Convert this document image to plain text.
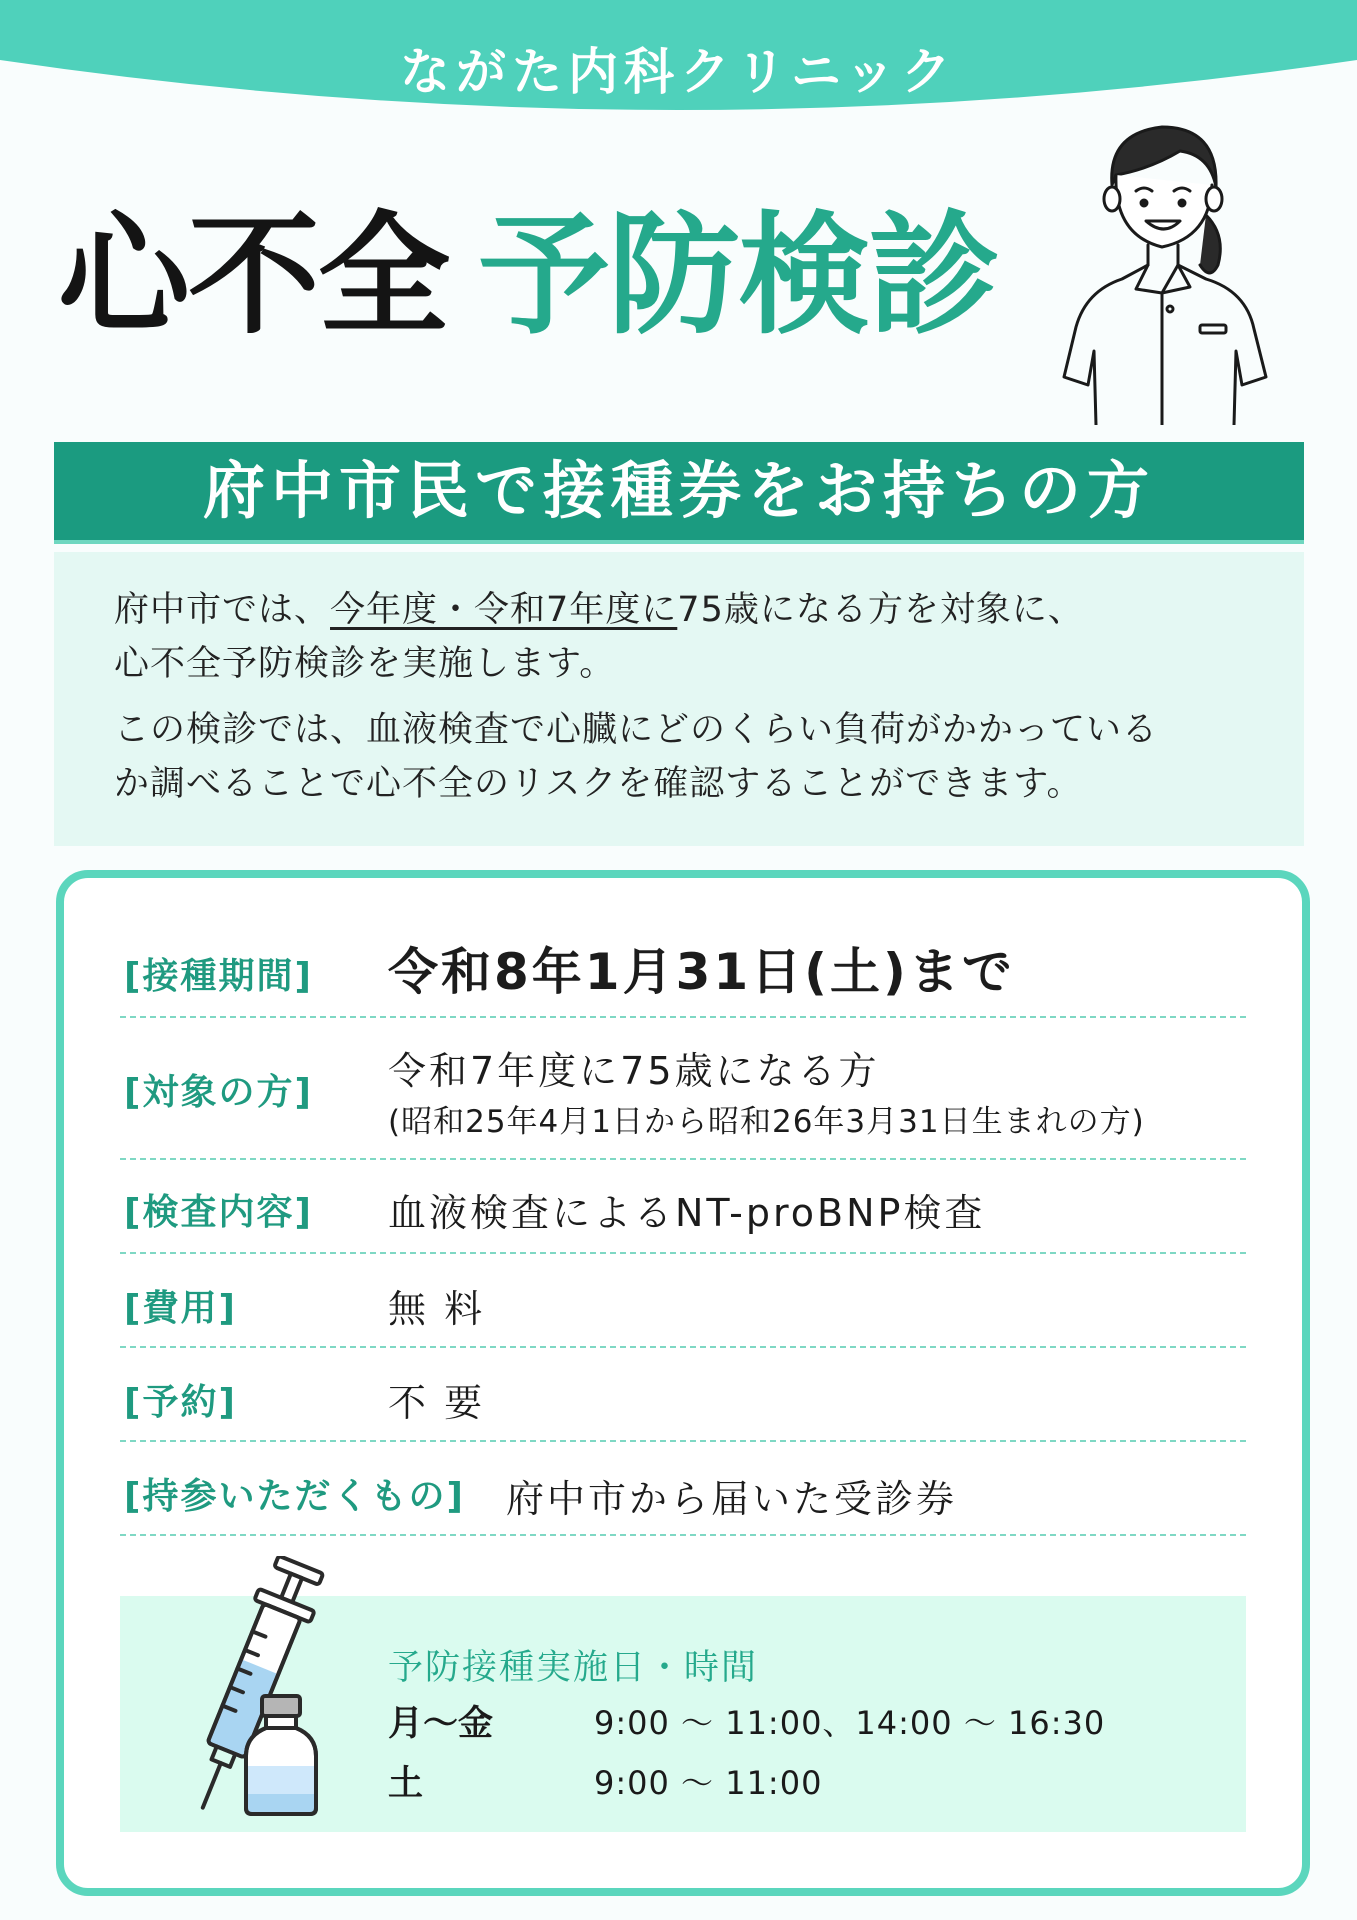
ながた内科クリニック
心不全 予防検診
府中市民で接種券をお持ちの方

府中市では、今年度・令和7年度に75歳になる方を対象に、

心不全予防検診を実施します。

この検診では、血液検査で心臓にどのくらい負荷がかかっている

か調べることで心不全のリスクを確認することができます。

[接種期間] 令和8年1月31日(土)まで
[対象の方] 令和7年度に75歳になる方
(昭和25年4月1日から昭和26年3月31日生まれの方)
[検査内容] 血液検査によるNT-proBNP検査
[費用]	無 料
[予約]	不 要
[持参いただくもの] 府中市から届いた受診券
予防接種実施日・時間
月～金	9:00 ～ 11:00、14:00 ～ 16:30
土	9:00 ～ 11:00
